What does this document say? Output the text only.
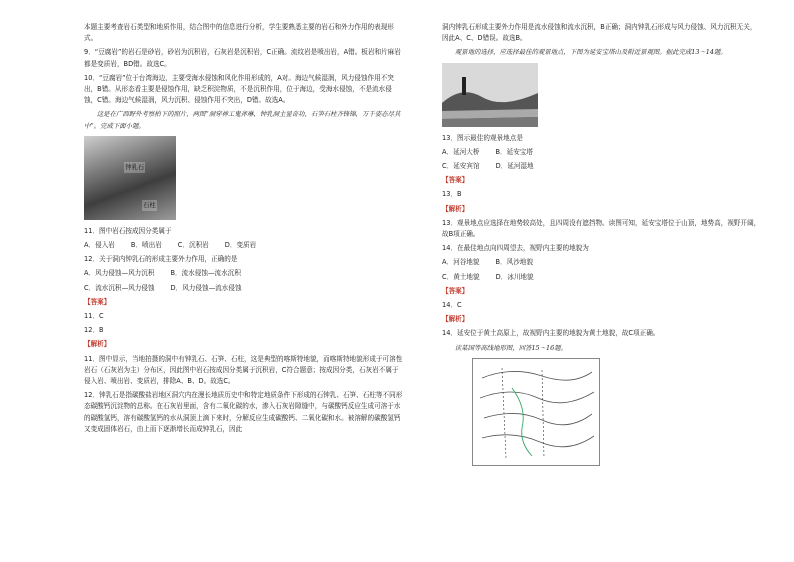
本题主要考查岩石类型和地质作用，结合图中的信息进行分析，学生要熟悉主要的岩石和外力作用的表现形式。

9．“豆腐岩”的岩石是砂岩，砂岩为沉积岩，石灰岩是沉积岩，C正确。流纹岩是喷出岩，A错。板岩和片麻岩都是变质岩，BD错。故选C。

10．“豆腐岩”位于台湾海边，主要受海水侵蚀和风化作用形成的，A对。海边气候湿润，风力侵蚀作用不突出，B错。从形态看主要是侵蚀作用，缺乏积淀物质，不是沉积作用，位于海边，受海水侵蚀，不是流水侵蚀，C错。海边气候湿润，风力沉积、侵蚀作用不突出，D错。故选A。

这是在广西野外考察拍下的照片，两图“洞穿神工鬼斧琳，钟乳洞主显奇功，石笋石柱齐锋锦，万千姿态尽其中”。完成下面小题。

钟乳石
石柱

11．图中岩石按成因分类属于

A．侵入岩 B．喷出岩 C．沉积岩 D．变质岩

12．关于洞内钟乳石的形成主要外力作用，正确的是

A．风力侵蚀—风力沉积 B．流水侵蚀—流水沉积
C．流水沉积—风力侵蚀 D．风力侵蚀—流水侵蚀

【答案】

11．C

12．B

【解析】

11．图中显示，当地拍摄的洞中有钟乳石、石笋、石柱，这是典型的喀斯特地貌，而喀斯特地貌形成于可溶性岩石（石灰岩为主）分布区，因此图中岩石按成因分类属于沉积岩，C符合题意；按成因分类，石灰岩不属于侵入岩、喷出岩、变质岩，排除A、B、D。故选C。

12．钟乳石是指碳酸盐岩地区洞穴内在漫长地质历史中和特定地质条件下形成的石钟乳、石笋、石柱等不同形态碳酸钙沉淀物的总称。在石灰岩里面，含有二氧化碳的水，渗入石灰岩隙缝中，与碳酸钙反应生成可溶于水的碳酸氢钙，溶有碳酸氢钙的水从洞顶上滴下来时，分解反应生成碳酸钙、二氧化碳和水。被溶解的碳酸氢钙又变成固体岩石，由上而下逐渐增长而成钟乳石，因此

洞内钟乳石形成主要外力作用是流水侵蚀和流水沉积，B正确；洞内钟乳石形成与风力侵蚀、风力沉积无关，因此A、C、D错误。故选B。

观景地的选择，应选择最佳的观景地点，下图为延安宝塔山及附近景观图。据此完成13～14题。

13．图示最佳的观景地点是

A．延河大桥 B．延安宝塔
C．延安宾馆 D．延河湿地

【答案】

13．B

【解析】

13．观景地点应选择在地势较高处，且四周没有遮挡物。读图可知，延安宝塔位于山顶，地势高，视野开阔，故B项正确。

14．在最佳地点向四周望去，视野内主要的地貌为

A．河谷地貌 B．风沙地貌
C．黄土地貌 D．冰川地貌

【答案】

14．C

【解析】

14．延安位于黄土高原上，故视野内主要的地貌为黄土地貌，故C项正确。

读某国等高线地形图，回答15～16题。
